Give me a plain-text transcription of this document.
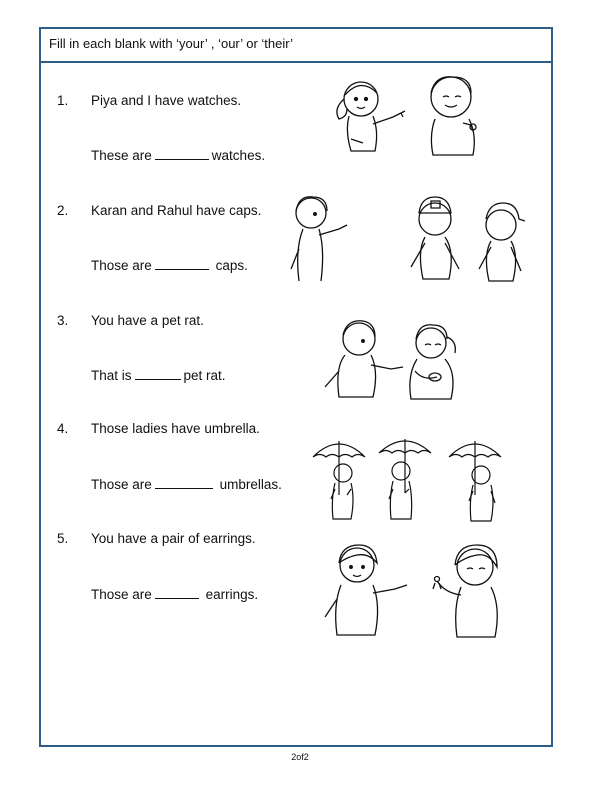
Fill in each blank with ‘your’ , ‘our’ or ‘their’
1. Piya and I have watches.
These are	watches.
2. Karan and Rahul have caps.
Those are	caps.
3. You have a pet rat.
That is	pet rat.
4. Those ladies have umbrella.
Those are	umbrellas.
5. You have a pair of earrings.
Those are	earrings.
2of2
